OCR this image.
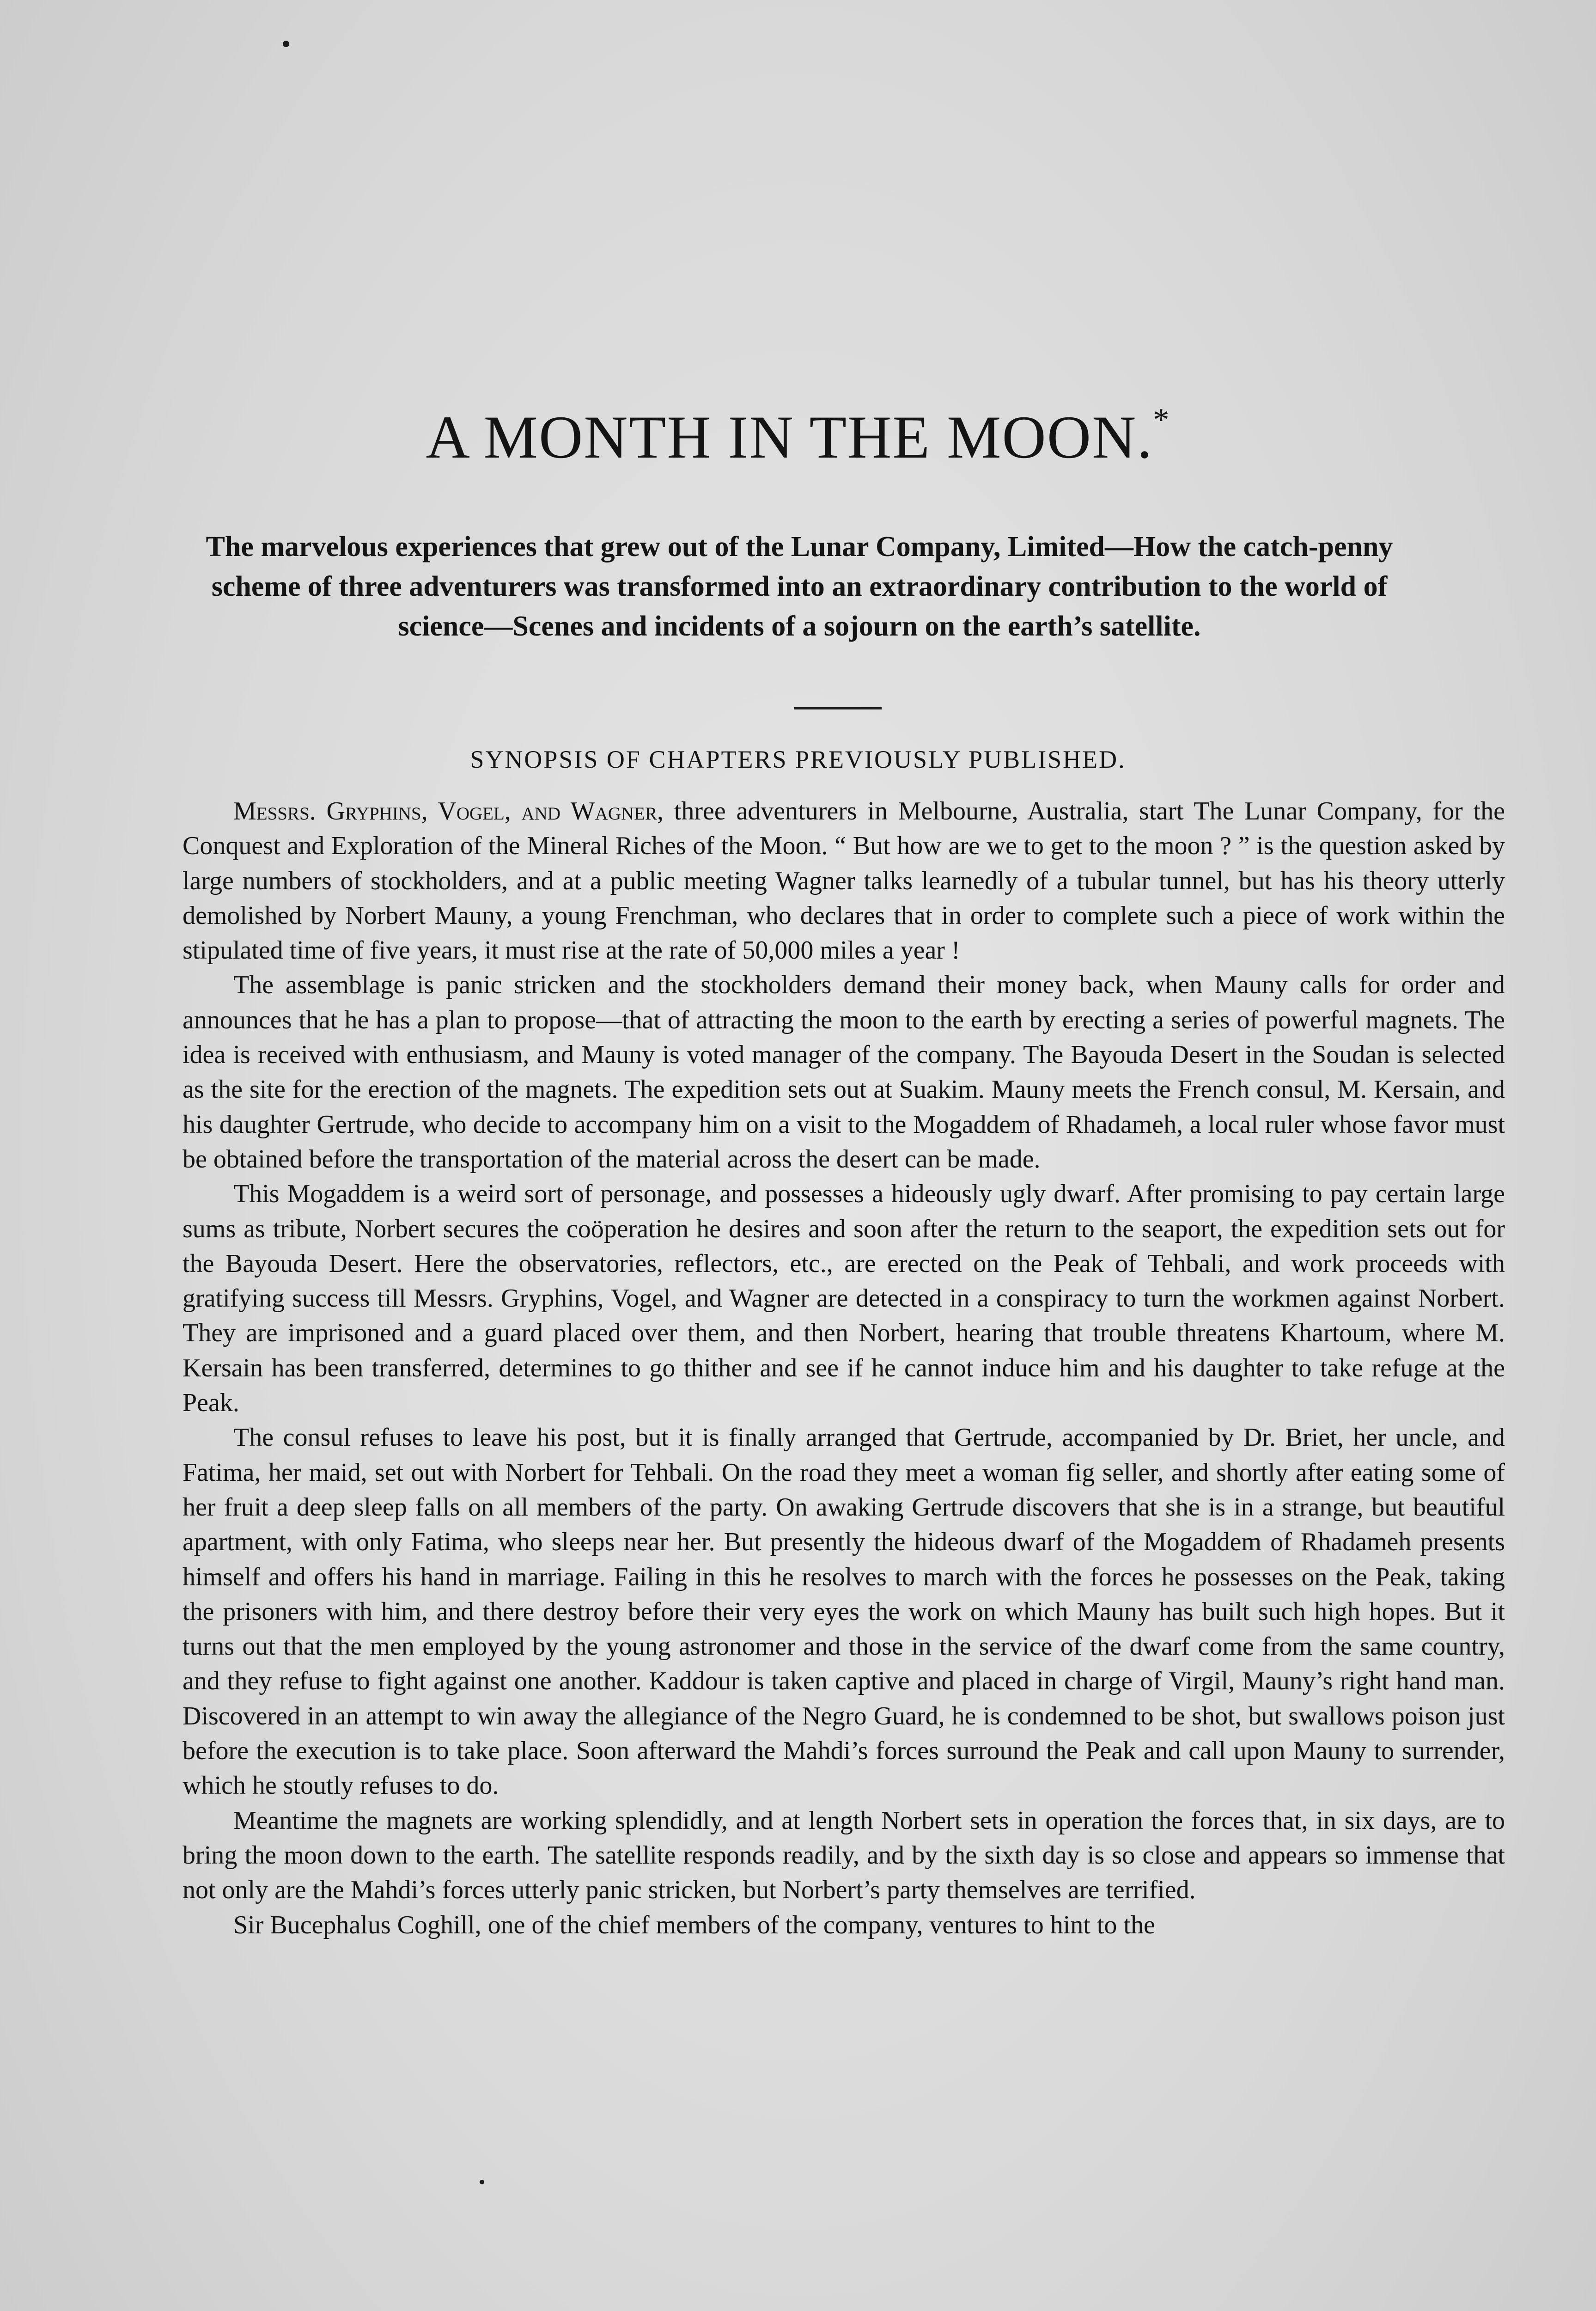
A MONTH IN THE MOON.*
The marvelous experiences that grew out of the Lunar Company, Limited—How the catch-penny scheme of three adventurers was transformed into an extraordinary contribution to the world of science—Scenes and incidents of a sojourn on the earth’s satellite.
SYNOPSIS OF CHAPTERS PREVIOUSLY PUBLISHED.

Messrs. Gryphins, Vogel, and Wagner, three adventurers in Melbourne, Australia, start The Lunar Company, for the Conquest and Exploration of the Mineral Riches of the Moon. “ But how are we to get to the moon ? ” is the question asked by large numbers of stockholders, and at a public meeting Wagner talks learnedly of a tubular tunnel, but has his theory utterly demolished by Norbert Mauny, a young Frenchman, who declares that in order to complete such a piece of work within the stipulated time of five years, it must rise at the rate of 50,000 miles a year !

The assemblage is panic stricken and the stockholders demand their money back, when Mauny calls for order and announces that he has a plan to propose—that of attracting the moon to the earth by erecting a series of powerful magnets. The idea is received with enthusiasm, and Mauny is voted manager of the company. The Bayouda Desert in the Soudan is selected as the site for the erection of the magnets. The expedition sets out at Suakim. Mauny meets the French consul, M. Kersain, and his daughter Gertrude, who decide to accompany him on a visit to the Mogaddem of Rhadameh, a local ruler whose favor must be obtained before the transportation of the material across the desert can be made.

This Mogaddem is a weird sort of personage, and possesses a hideously ugly dwarf. After promising to pay certain large sums as tribute, Norbert secures the coöperation he desires and soon after the return to the seaport, the expedition sets out for the Bayouda Desert. Here the observatories, reflectors, etc., are erected on the Peak of Tehbali, and work proceeds with gratifying success till Messrs. Gryphins, Vogel, and Wagner are detected in a conspiracy to turn the workmen against Norbert. They are imprisoned and a guard placed over them, and then Norbert, hearing that trouble threatens Khartoum, where M. Kersain has been transferred, determines to go thither and see if he cannot induce him and his daughter to take refuge at the Peak.

The consul refuses to leave his post, but it is finally arranged that Gertrude, accompanied by Dr. Briet, her uncle, and Fatima, her maid, set out with Norbert for Tehbali. On the road they meet a woman fig seller, and shortly after eating some of her fruit a deep sleep falls on all members of the party. On awaking Gertrude discovers that she is in a strange, but beautiful apartment, with only Fatima, who sleeps near her. But presently the hideous dwarf of the Mogaddem of Rhadameh presents himself and offers his hand in marriage. Failing in this he resolves to march with the forces he possesses on the Peak, taking the prisoners with him, and there destroy before their very eyes the work on which Mauny has built such high hopes. But it turns out that the men employed by the young astronomer and those in the service of the dwarf come from the same country, and they refuse to fight against one another. Kaddour is taken captive and placed in charge of Virgil, Mauny’s right hand man. Discovered in an attempt to win away the allegiance of the Negro Guard, he is condemned to be shot, but swallows poison just before the execution is to take place. Soon afterward the Mahdi’s forces surround the Peak and call upon Mauny to surrender, which he stoutly refuses to do.

Meantime the magnets are working splendidly, and at length Norbert sets in operation the forces that, in six days, are to bring the moon down to the earth. The satellite responds readily, and by the sixth day is so close and appears so immense that not only are the Mahdi’s forces utterly panic stricken, but Norbert’s party themselves are terrified.

Sir Bucephalus Coghill, one of the chief members of the company, ventures to hint to the
